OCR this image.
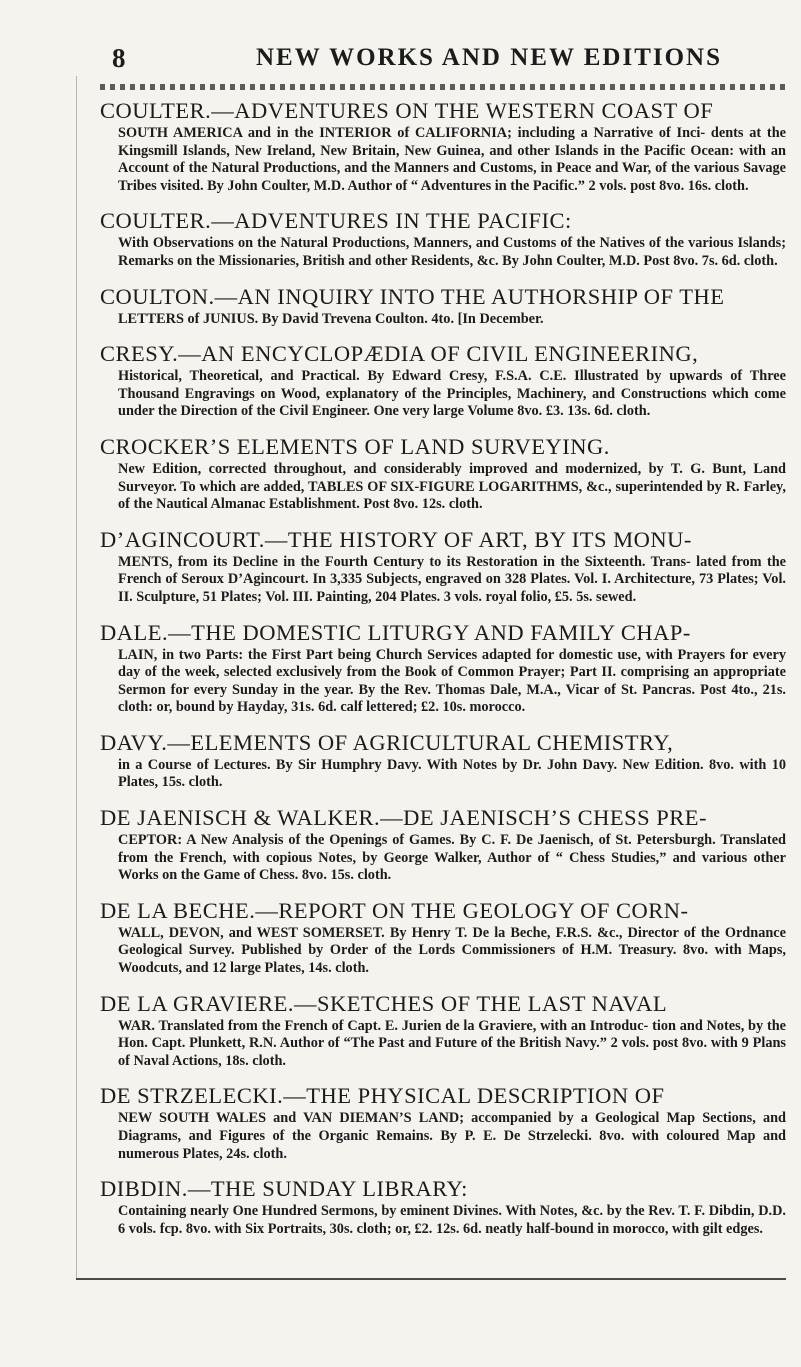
8	NEW WORKS AND NEW EDITIONS
COULTER.—ADVENTURES ON THE WESTERN COAST OF
SOUTH AMERICA and in the INTERIOR of CALIFORNIA; including a Narrative of Inci- dents at the Kingsmill Islands, New Ireland, New Britain, New Guinea, and other Islands in the Pacific Ocean: with an Account of the Natural Productions, and the Manners and Customs, in Peace and War, of the various Savage Tribes visited. By John Coulter, M.D. Author of “ Adventures in the Pacific.” 2 vols. post 8vo. 16s. cloth.
COULTER.—ADVENTURES IN THE PACIFIC:
With Observations on the Natural Productions, Manners, and Customs of the Natives of the various Islands; Remarks on the Missionaries, British and other Residents, &c. By John Coulter, M.D. Post 8vo. 7s. 6d. cloth.
COULTON.—AN INQUIRY INTO THE AUTHORSHIP OF THE
LETTERS of JUNIUS. By David Trevena Coulton. 4to. [In December.
CRESY.—AN ENCYCLOPÆDIA OF CIVIL ENGINEERING,
Historical, Theoretical, and Practical. By Edward Cresy, F.S.A. C.E. Illustrated by upwards of Three Thousand Engravings on Wood, explanatory of the Principles, Machinery, and Constructions which come under the Direction of the Civil Engineer. One very large Volume 8vo. £3. 13s. 6d. cloth.
CROCKER’S ELEMENTS OF LAND SURVEYING.
New Edition, corrected throughout, and considerably improved and modernized, by T. G. Bunt, Land Surveyor. To which are added, TABLES OF SIX-FIGURE LOGARITHMS, &c., superintended by R. Farley, of the Nautical Almanac Establishment. Post 8vo. 12s. cloth.
D’AGINCOURT.—THE HISTORY OF ART, BY ITS MONU-
MENTS, from its Decline in the Fourth Century to its Restoration in the Sixteenth. Trans- lated from the French of Seroux D’Agincourt. In 3,335 Subjects, engraved on 328 Plates. Vol. I. Architecture, 73 Plates; Vol. II. Sculpture, 51 Plates; Vol. III. Painting, 204 Plates. 3 vols. royal folio, £5. 5s. sewed.
DALE.—THE DOMESTIC LITURGY AND FAMILY CHAP-
LAIN, in two Parts: the First Part being Church Services adapted for domestic use, with Prayers for every day of the week, selected exclusively from the Book of Common Prayer; Part II. comprising an appropriate Sermon for every Sunday in the year. By the Rev. Thomas Dale, M.A., Vicar of St. Pancras. Post 4to., 21s. cloth: or, bound by Hayday, 31s. 6d. calf lettered; £2. 10s. morocco.
DAVY.—ELEMENTS OF AGRICULTURAL CHEMISTRY,
in a Course of Lectures. By Sir Humphry Davy. With Notes by Dr. John Davy. New Edition. 8vo. with 10 Plates, 15s. cloth.
DE JAENISCH & WALKER.—DE JAENISCH’S CHESS PRE-
CEPTOR: A New Analysis of the Openings of Games. By C. F. De Jaenisch, of St. Petersburgh. Translated from the French, with copious Notes, by George Walker, Author of “ Chess Studies,” and various other Works on the Game of Chess. 8vo. 15s. cloth.
DE LA BECHE.—REPORT ON THE GEOLOGY OF CORN-
WALL, DEVON, and WEST SOMERSET. By Henry T. De la Beche, F.R.S. &c., Director of the Ordnance Geological Survey. Published by Order of the Lords Commissioners of H.M. Treasury. 8vo. with Maps, Woodcuts, and 12 large Plates, 14s. cloth.
DE LA GRAVIERE.—SKETCHES OF THE LAST NAVAL
WAR. Translated from the French of Capt. E. Jurien de la Graviere, with an Introduc- tion and Notes, by the Hon. Capt. Plunkett, R.N. Author of “The Past and Future of the British Navy.” 2 vols. post 8vo. with 9 Plans of Naval Actions, 18s. cloth.
DE STRZELECKI.—THE PHYSICAL DESCRIPTION OF
NEW SOUTH WALES and VAN DIEMAN’S LAND; accompanied by a Geological Map Sections, and Diagrams, and Figures of the Organic Remains. By P. E. De Strzelecki. 8vo. with coloured Map and numerous Plates, 24s. cloth.
DIBDIN.—THE SUNDAY LIBRARY:
Containing nearly One Hundred Sermons, by eminent Divines. With Notes, &c. by the Rev. T. F. Dibdin, D.D. 6 vols. fcp. 8vo. with Six Portraits, 30s. cloth; or, £2. 12s. 6d. neatly half-bound in morocco, with gilt edges.
